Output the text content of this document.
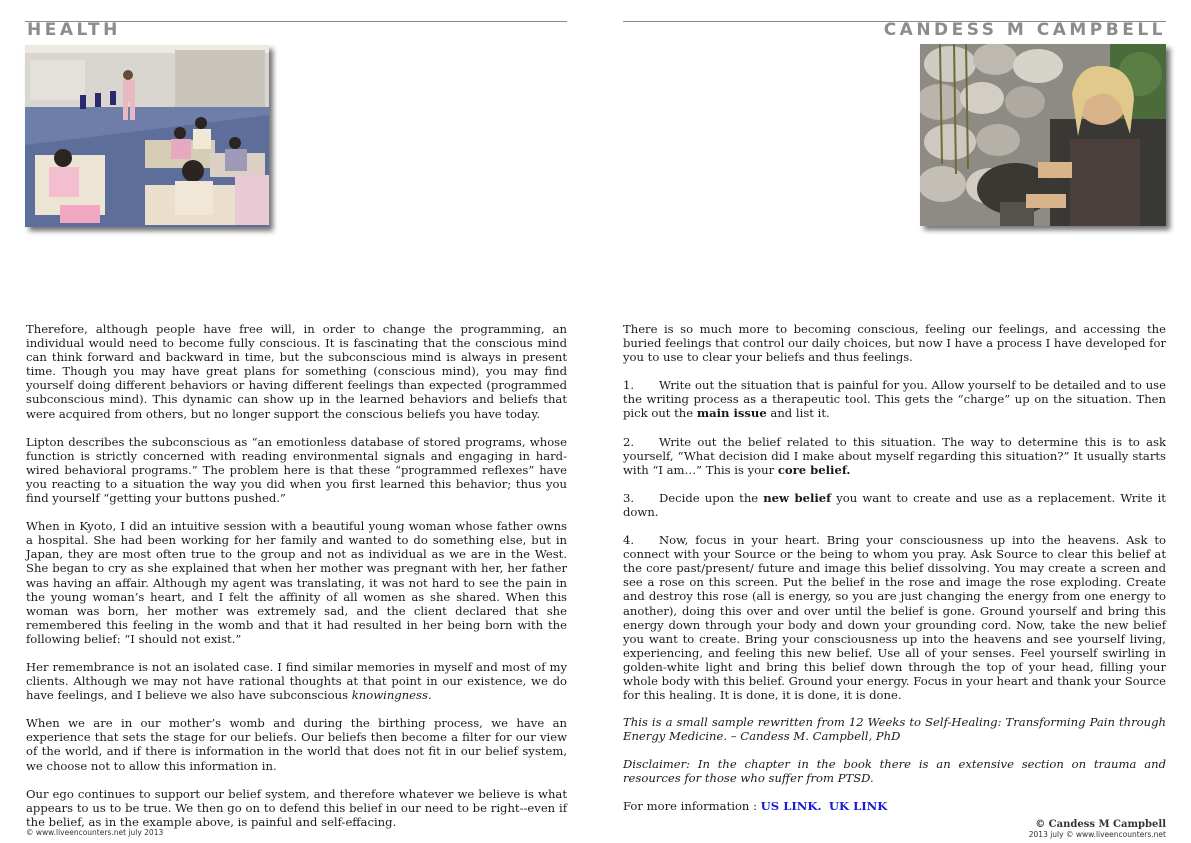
HEALTH	CANDESS M CAMPBELL

Therefore, although people have free will, in order to change the programming, an individual would need to become fully conscious. It is fascinating that the conscious mind can think forward and backward in time, but the subconscious mind is always in present time. Though you may have great plans for something (conscious mind), you may find yourself doing different behaviors or having different feelings than expected (programmed subconscious mind). This dynamic can show up in the learned behaviors and beliefs that were acquired from others, but no longer support the conscious beliefs you have today.

Lipton describes the subconscious as “an emotionless database of stored programs, whose function is strictly concerned with reading environmental signals and engaging in hard-wired behavioral programs.” The problem here is that these “programmed reflexes” have you reacting to a situation the way you did when you first learned this behavior; thus you find yourself “getting your buttons pushed.”

When in Kyoto, I did an intuitive session with a beautiful young woman whose father owns a hospital. She had been working for her family and wanted to do something else, but in Japan, they are most often true to the group and not as individual as we are in the West. She began to cry as she explained that when her mother was pregnant with her, her father was having an affair. Although my agent was translating, it was not hard to see the pain in the young woman’s heart, and I felt the affinity of all women as she shared. When this woman was born, her mother was extremely sad, and the client declared that she remembered this feeling in the womb and that it had resulted in her being born with the following belief: “I should not exist.”

Her remembrance is not an isolated case. I find similar memories in myself and most of my clients. Although we may not have rational thoughts at that point in our existence, we do have feelings, and I believe we also have subconscious knowingness.

When we are in our mother’s womb and during the birthing process, we have an experience that sets the stage for our beliefs. Our beliefs then become a filter for our view of the world, and if there is information in the world that does not fit in our belief system, we choose not to allow this information in.

Our ego continues to support our belief system, and therefore whatever we believe is what appears to us to be true. We then go on to defend this belief in our need to be right--even if the belief, as in the example above, is painful and self-effacing.

There is so much more to becoming conscious, feeling our feelings, and accessing the buried feelings that control our daily choices, but now I have a process I have developed for you to use to clear your beliefs and thus feelings.

1. Write out the situation that is painful for you. Allow yourself to be detailed and to use the writing process as a therapeutic tool. This gets the “charge” up on the situation. Then pick out the main issue and list it.

2. Write out the belief related to this situation. The way to determine this is to ask yourself, “What decision did I make about myself regarding this situation?” It usually starts with “I am…” This is your core belief.

3. Decide upon the new belief you want to create and use as a replacement. Write it down.

4. Now, focus in your heart. Bring your consciousness up into the heavens. Ask to connect with your Source or the being to whom you pray. Ask Source to clear this belief at the core past/present/ future and image this belief dissolving. You may create a screen and see a rose on this screen. Put the belief in the rose and image the rose exploding. Create and destroy this rose (all is energy, so you are just changing the energy from one energy to another), doing this over and over until the belief is gone. Ground yourself and bring this energy down through your body and down your grounding cord. Now, take the new belief you want to create. Bring your consciousness up into the heavens and see yourself living, experiencing, and feeling this new belief. Use all of your senses. Feel yourself swirling in golden-white light and bring this belief down through the top of your head, filling your whole body with this belief. Ground your energy. Focus in your heart and thank your Source for this healing. It is done, it is done, it is done.

This is a small sample rewritten from 12 Weeks to Self-Healing: Transforming Pain through Energy Medicine. – Candess M. Campbell, PhD

Disclaimer: In the chapter in the book there is an extensive section on trauma and resources for those who suffer from PTSD.

For more information : US LINK. UK LINK

© www.liveencounters.net july 2013
© Candess M Campbell
2013 july © www.liveencounters.net
